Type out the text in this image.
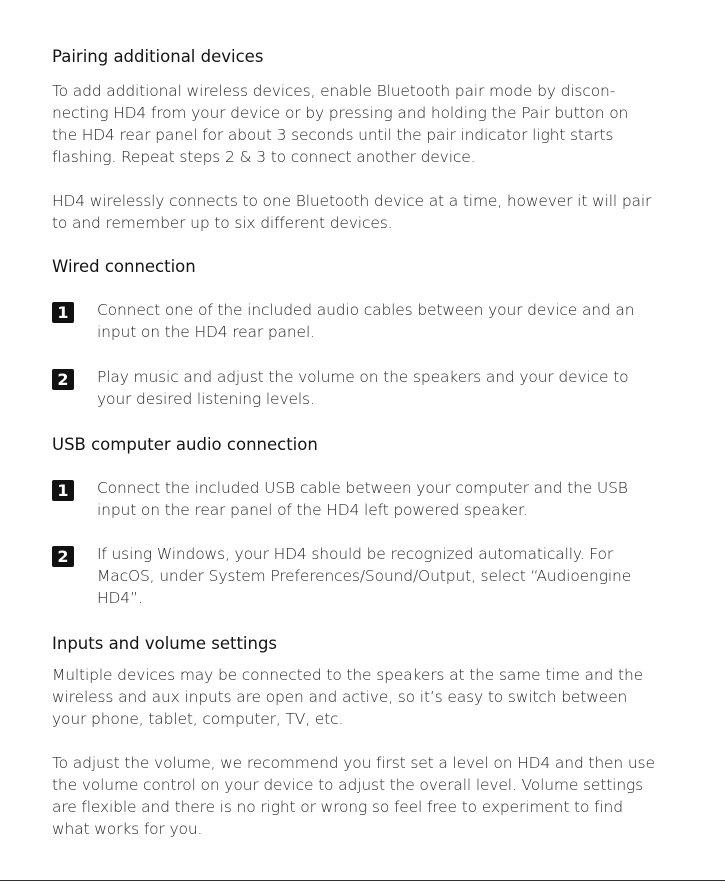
Pairing additional devices
To add additional wireless devices, enable Bluetooth pair mode by discon-
necting HD4 from your device or by pressing and holding the Pair button on
the HD4 rear panel for about 3 seconds until the pair indicator light starts
flashing. Repeat steps 2 & 3 to connect another device.
HD4 wirelessly connects to one Bluetooth device at a time, however it will pair
to and remember up to six different devices.
Wired connection
1	Connect one of the included audio cables between your device and an
input on the HD4 rear panel.
2	Play music and adjust the volume on the speakers and your device to
your desired listening levels.
USB computer audio connection
1	Connect the included USB cable between your computer and the USB
input on the rear panel of the HD4 left powered speaker.
2	If using Windows, your HD4 should be recognized automatically. For
MacOS, under System Preferences/Sound/Output, select “Audioengine
HD4”.
Inputs and volume settings
Multiple devices may be connected to the speakers at the same time and the
wireless and aux inputs are open and active, so it’s easy to switch between
your phone, tablet, computer, TV, etc.
To adjust the volume, we recommend you first set a level on HD4 and then use
the volume control on your device to adjust the overall level. Volume settings
are flexible and there is no right or wrong so feel free to experiment to find
what works for you.
